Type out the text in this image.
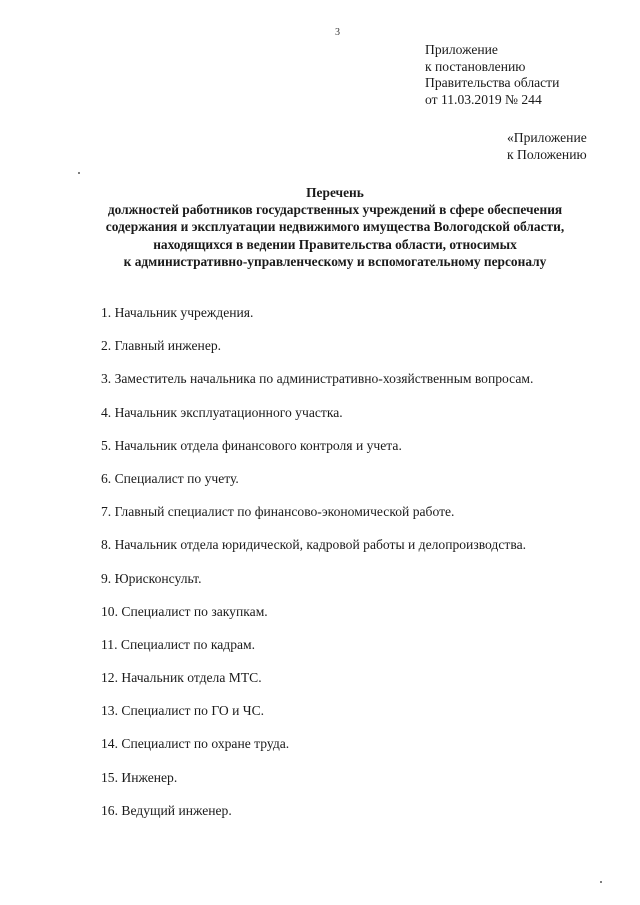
3
Приложение
к постановлению
Правительства области
от 11.03.2019 № 244
«Приложение
к Положению
Перечень
должностей работников государственных учреждений в сфере обеспечения
содержания и эксплуатации недвижимого имущества Вологодской области,
находящихся в ведении Правительства области, относимых
к административно-управленческому и вспомогательному персоналу
1. Начальник учреждения.
2. Главный инженер.
3. Заместитель начальника по административно-хозяйственным вопросам.
4. Начальник эксплуатационного участка.
5. Начальник отдела финансового контроля и учета.
6. Специалист по учету.
7. Главный специалист по финансово-экономической работе.
8. Начальник отдела юридической, кадровой работы и делопроизводства.
9. Юрисконсульт.
10. Специалист по закупкам.
11. Специалист по кадрам.
12. Начальник отдела МТС.
13. Специалист по ГО и ЧС.
14. Специалист по охране труда.
15. Инженер.
16. Ведущий инженер.
